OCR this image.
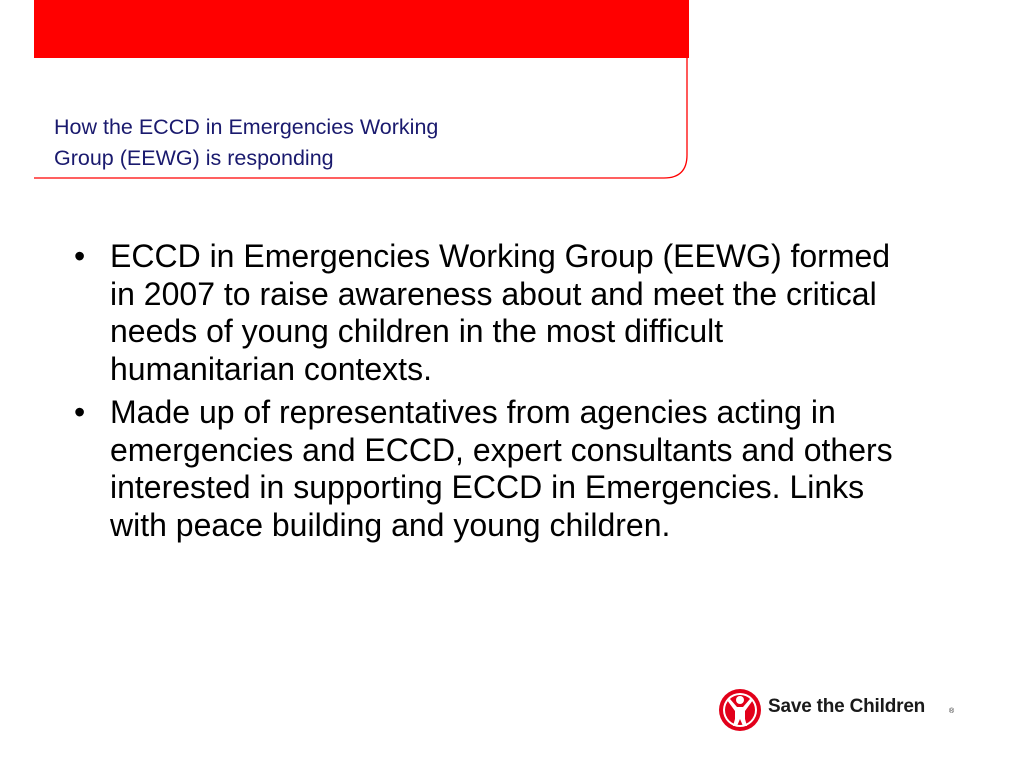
How the ECCD in Emergencies Working
Group (EEWG) is responding
• ECCD in Emergencies Working Group (EEWG) formed in 2007 to raise awareness about and meet the critical needs of young children in the most difficult humanitarian contexts.
• Made up of representatives from agencies acting in emergencies and ECCD, expert consultants and others interested in supporting ECCD in Emergencies. Links with peace building and young children.
Save the Children	®
